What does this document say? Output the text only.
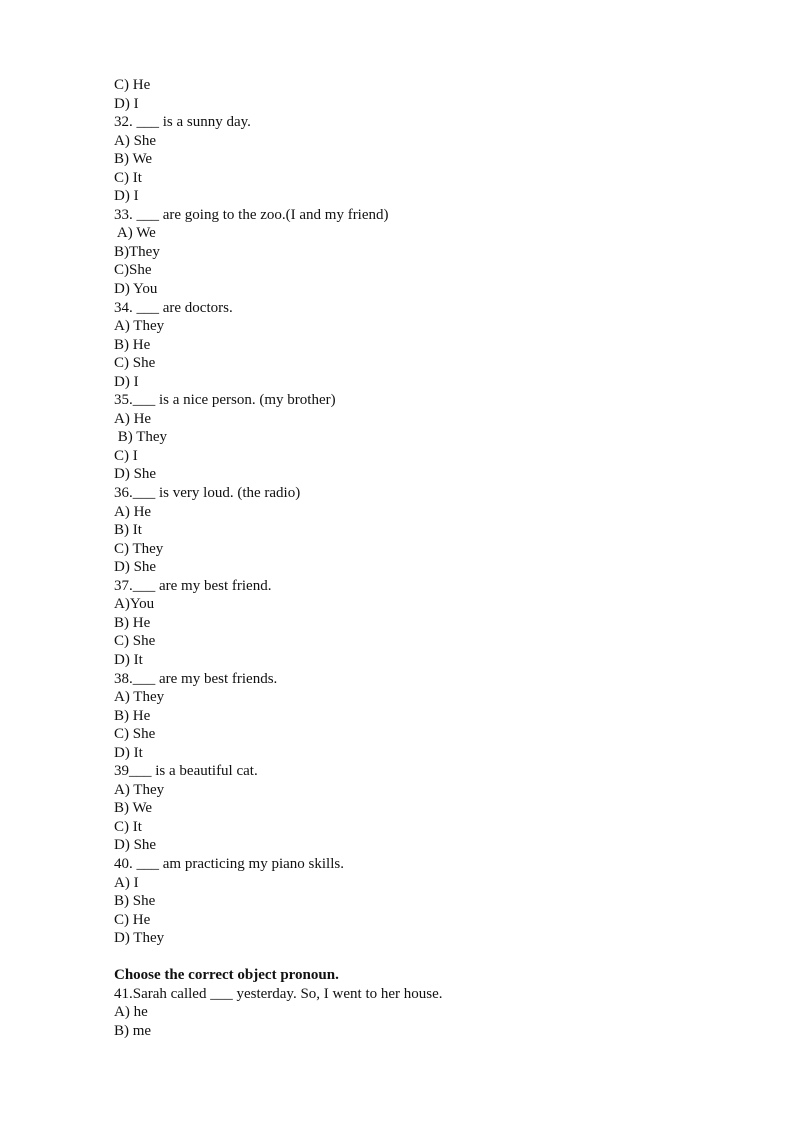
C) He
D) I
32. ___ is a sunny day.
A) She
B) We
C) It
D) I
33. ___ are going to the zoo.(I and my friend)
A) We
B)They
C)She
D) You
34. ___ are doctors.
A) They
B) He
C) She
D) I
35.___ is a nice person. (my brother)
A) He
B) They
C) I
D) She
36.___ is very loud. (the radio)
A) He
B) It
C) They
D) She
37.___ are my best friend.
A)You
B) He
C) She
D) It
38.___ are my best friends.
A) They
B) He
C) She
D) It
39___ is a beautiful cat.
A) They
B) We
C) It
D) She
40. ___ am practicing my piano skills.
A) I
B) She
C) He
D) They
Choose the correct object pronoun.
41.Sarah called ___ yesterday. So, I went to her house.
A) he
B) me
